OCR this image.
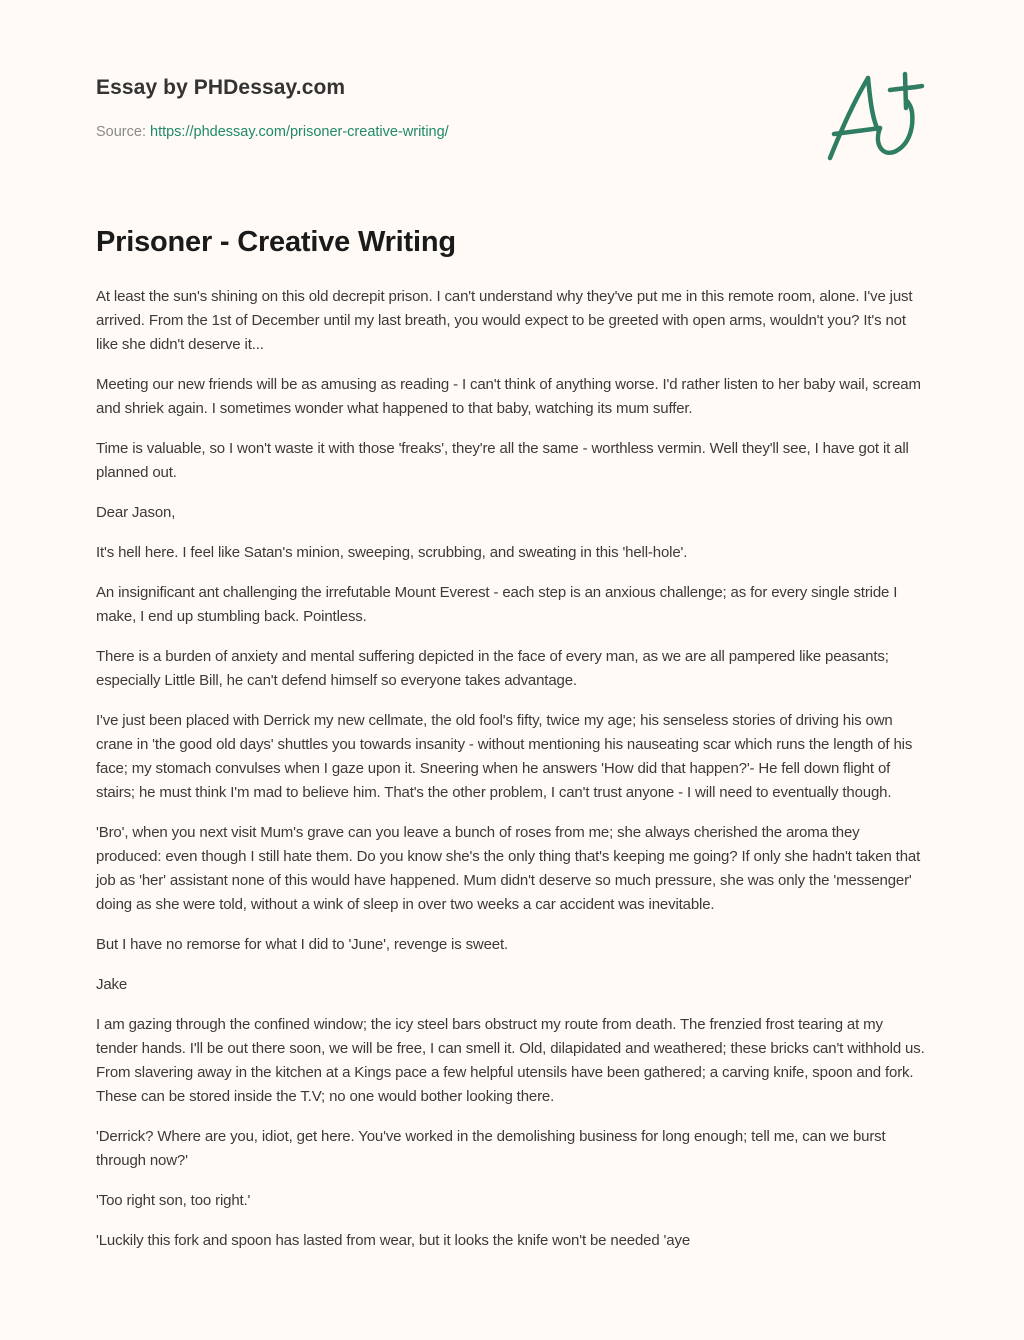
Essay by PHDessay.com
Source: https://phdessay.com/prisoner-creative-writing/
Prisoner - Creative Writing

At least the sun's shining on this old decrepit prison. I can't understand why they've put me in this remote room, alone. I've just arrived. From the 1st of December until my last breath, you would expect to be greeted with open arms, wouldn't you? It's not like she didn't deserve it...

Meeting our new friends will be as amusing as reading - I can't think of anything worse. I'd rather listen to her baby wail, scream and shriek again. I sometimes wonder what happened to that baby, watching its mum suffer.

Time is valuable, so I won't waste it with those 'freaks', they're all the same - worthless vermin. Well they'll see, I have got it all planned out.

Dear Jason,

It's hell here. I feel like Satan's minion, sweeping, scrubbing, and sweating in this 'hell-hole'.

An insignificant ant challenging the irrefutable Mount Everest - each step is an anxious challenge; as for every single stride I make, I end up stumbling back. Pointless.

There is a burden of anxiety and mental suffering depicted in the face of every man, as we are all pampered like peasants; especially Little Bill, he can't defend himself so everyone takes advantage.

I've just been placed with Derrick my new cellmate, the old fool's fifty, twice my age; his senseless stories of driving his own crane in 'the good old days' shuttles you towards insanity - without mentioning his nauseating scar which runs the length of his face; my stomach convulses when I gaze upon it. Sneering when he answers 'How did that happen?'- He fell down flight of stairs; he must think I'm mad to believe him. That's the other problem, I can't trust anyone - I will need to eventually though.

'Bro', when you next visit Mum's grave can you leave a bunch of roses from me; she always cherished the aroma they produced: even though I still hate them. Do you know she's the only thing that's keeping me going? If only she hadn't taken that job as 'her' assistant none of this would have happened. Mum didn't deserve so much pressure, she was only the 'messenger' doing as she were told, without a wink of sleep in over two weeks a car accident was inevitable.

But I have no remorse for what I did to 'June', revenge is sweet.

Jake

I am gazing through the confined window; the icy steel bars obstruct my route from death. The frenzied frost tearing at my tender hands. I'll be out there soon, we will be free, I can smell it. Old, dilapidated and weathered; these bricks can't withhold us. From slavering away in the kitchen at a Kings pace a few helpful utensils have been gathered; a carving knife, spoon and fork. These can be stored inside the T.V; no one would bother looking there.

'Derrick? Where are you, idiot, get here. You've worked in the demolishing business for long enough; tell me, can we burst through now?'

'Too right son, too right.'

'Luckily this fork and spoon has lasted from wear, but it looks the knife won't be needed 'aye
